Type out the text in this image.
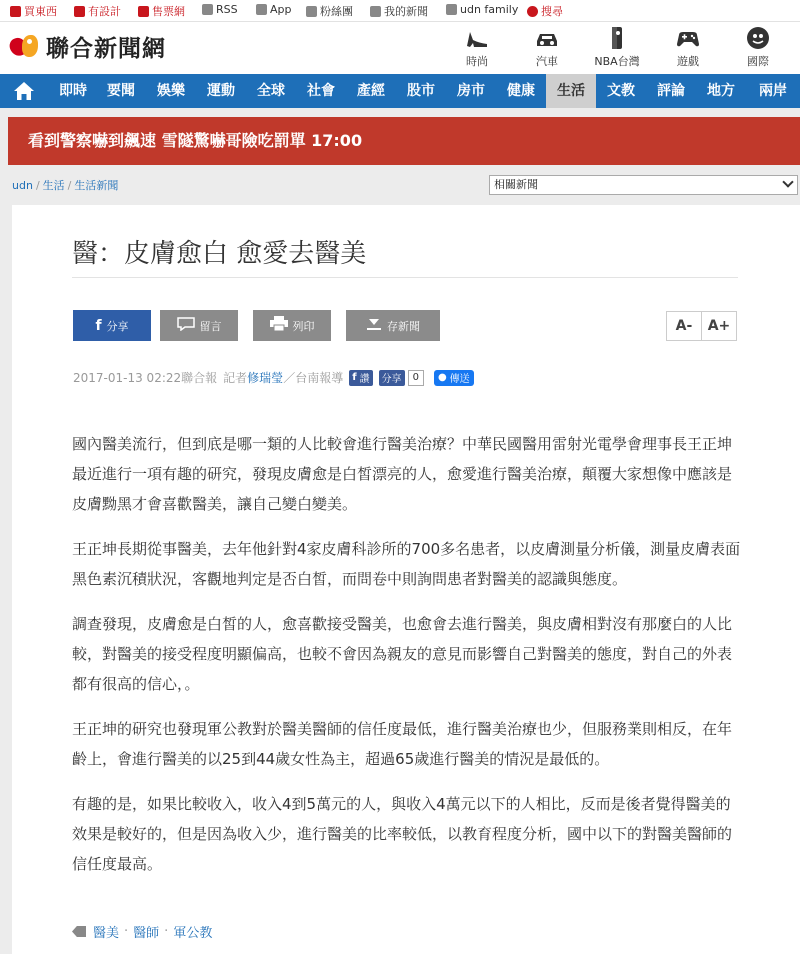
買東西	有設計	售票網	RSS	App	粉絲團	我的新聞	udn family 搜尋
聯合新聞網	時尚	汽車	NBA台灣	遊戲	國際
即時	要聞	娛樂	運動	全球	社會	產經	股市	房市	健康	生活	文教	評論	地方	兩岸
看到警察嚇到飆速 雪隧驚嚇哥險吃罰單 17:00
udn / 生活 / 生活新聞	相關新聞
醫：皮膚愈白 愈愛去醫美
f 分享	留言	列印	存新聞	A-	A+
2017-01-13 02:22 聯合報 記者 修瑞瑩 ／台南報導 f 讚	分享	0	● 傳送

國內醫美流行，但到底是哪一類的人比較會進行醫美治療？中華民國醫用雷射光電學會理事長王正坤最近進行一項有趣的研究，發現皮膚愈是白皙漂亮的人，愈愛進行醫美治療，顛覆大家想像中應該是皮膚黝黑才會喜歡醫美，讓自己變白變美。

王正坤長期從事醫美，去年他針對4家皮膚科診所的700多名患者，以皮膚測量分析儀，測量皮膚表面黑色素沉積狀況，客觀地判定是否白皙，而問卷中則詢問患者對醫美的認識與態度。

調查發現，皮膚愈是白皙的人，愈喜歡接受醫美，也愈會去進行醫美，與皮膚相對沒有那麼白的人比較，對醫美的接受程度明顯偏高，也較不會因為親友的意見而影響自己對醫美的態度，對自己的外表都有很高的信心，。

王正坤的研究也發現軍公教對於醫美醫師的信任度最低，進行醫美治療也少，但服務業則相反，在年齡上，會進行醫美的以25到44歲女性為主，超過65歲進行醫美的情況是最低的。

有趣的是，如果比較收入，收入4到5萬元的人，與收入4萬元以下的人相比，反而是後者覺得醫美的效果是較好的，但是因為收入少，進行醫美的比率較低，以教育程度分析，國中以下的對醫美醫師的信任度最高。

醫美 · 醫師 · 軍公教
